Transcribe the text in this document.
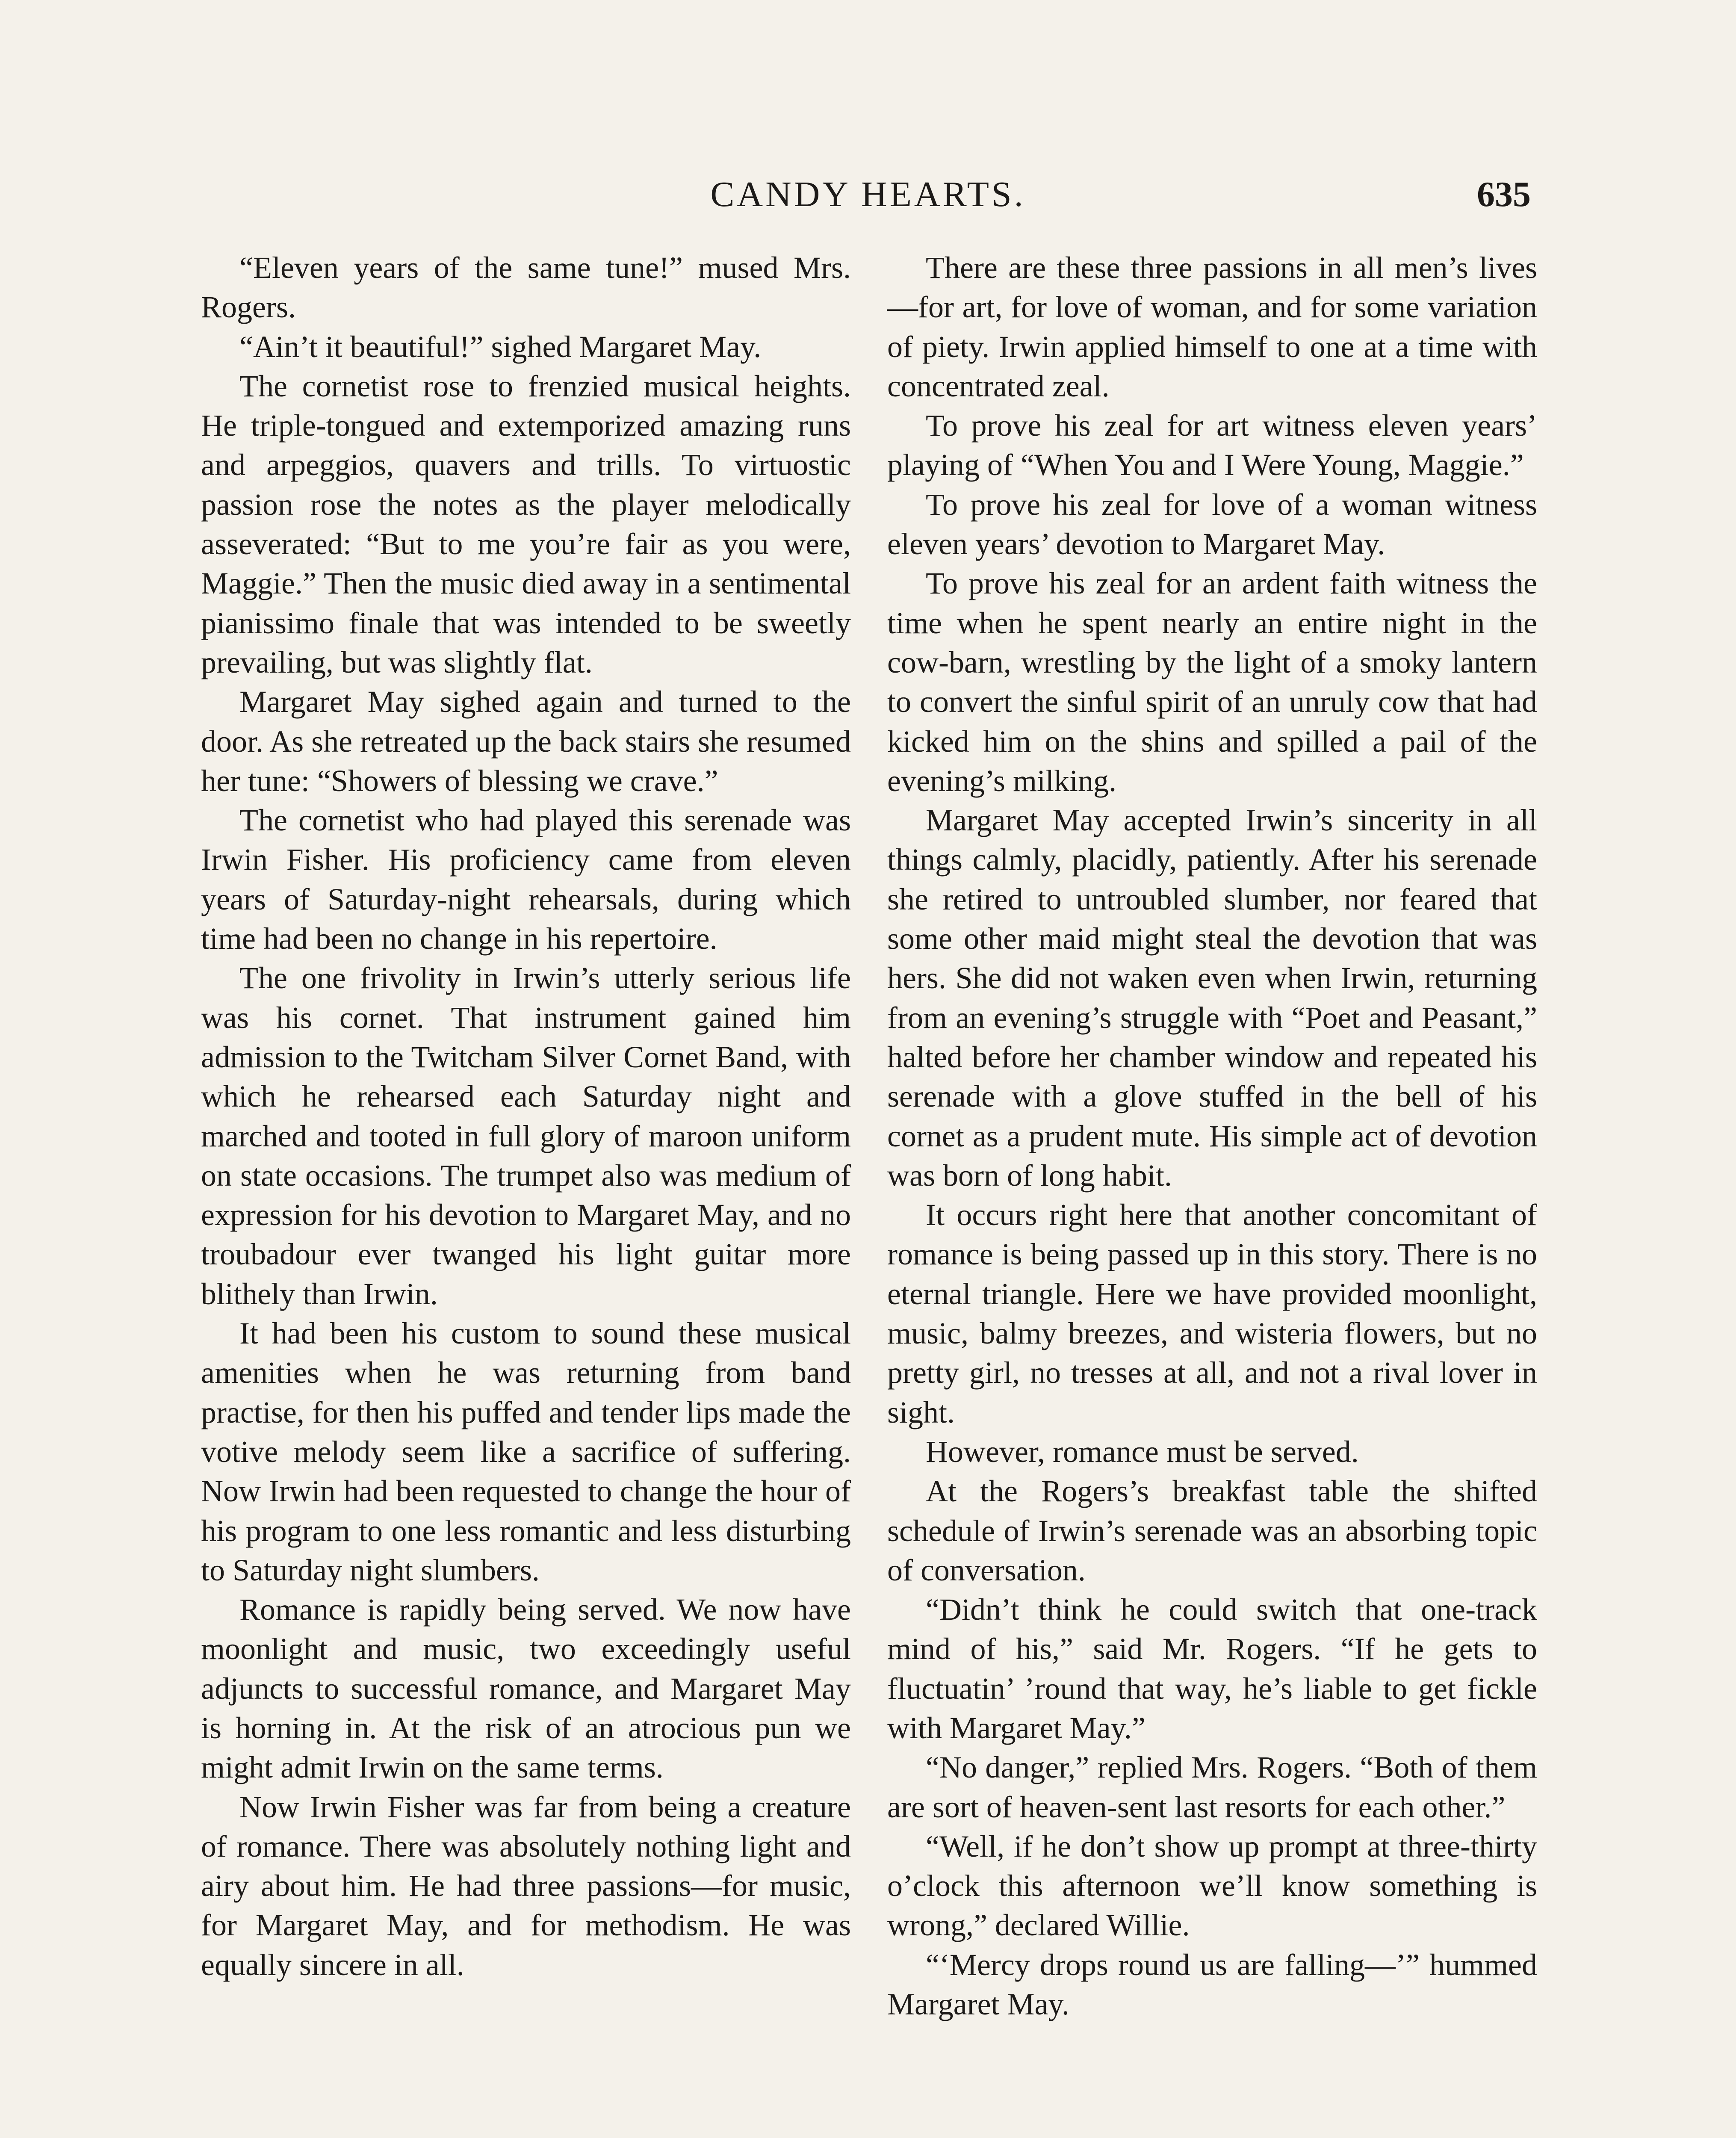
CANDY HEARTS.	635

“Eleven years of the same tune!” mused Mrs. Rogers.

“Ain’t it beautiful!” sighed Margaret May.

The cornetist rose to frenzied musical heights. He triple-tongued and extemporized amazing runs and arpeggios, quavers and trills. To virtuostic passion rose the notes as the player melodically asseverated: “But to me you’re fair as you were, Maggie.” Then the music died away in a sentimental pianissimo finale that was intended to be sweetly prevailing, but was slightly flat.

Margaret May sighed again and turned to the door. As she retreated up the back stairs she resumed her tune: “Showers of blessing we crave.”

The cornetist who had played this serenade was Irwin Fisher. His proficiency came from eleven years of Saturday-night rehearsals, during which time had been no change in his repertoire.

The one frivolity in Irwin’s utterly serious life was his cornet. That instrument gained him admission to the Twitcham Silver Cornet Band, with which he rehearsed each Saturday night and marched and tooted in full glory of maroon uniform on state occasions. The trumpet also was medium of expression for his devotion to Margaret May, and no troubadour ever twanged his light guitar more blithely than Irwin.

It had been his custom to sound these musical amenities when he was returning from band practise, for then his puffed and tender lips made the votive melody seem like a sacrifice of suffering. Now Irwin had been requested to change the hour of his program to one less romantic and less disturbing to Saturday night slumbers.

Romance is rapidly being served. We now have moonlight and music, two exceedingly useful adjuncts to successful romance, and Margaret May is horning in. At the risk of an atrocious pun we might admit Irwin on the same terms.

Now Irwin Fisher was far from being a creature of romance. There was absolutely nothing light and airy about him. He had three passions—for music, for Margaret May, and for methodism. He was equally sincere in all.

There are these three passions in all men’s lives—for art, for love of woman, and for some variation of piety. Irwin applied himself to one at a time with concentrated zeal.

To prove his zeal for art witness eleven years’ playing of “When You and I Were Young, Maggie.”

To prove his zeal for love of a woman witness eleven years’ devotion to Margaret May.

To prove his zeal for an ardent faith witness the time when he spent nearly an entire night in the cow-barn, wrestling by the light of a smoky lantern to convert the sinful spirit of an unruly cow that had kicked him on the shins and spilled a pail of the evening’s milking.

Margaret May accepted Irwin’s sincerity in all things calmly, placidly, patiently. After his serenade she retired to untroubled slumber, nor feared that some other maid might steal the devotion that was hers. She did not waken even when Irwin, returning from an evening’s struggle with “Poet and Peasant,” halted before her chamber window and repeated his serenade with a glove stuffed in the bell of his cornet as a prudent mute. His simple act of devotion was born of long habit.

It occurs right here that another concomitant of romance is being passed up in this story. There is no eternal triangle. Here we have provided moonlight, music, balmy breezes, and wisteria flowers, but no pretty girl, no tresses at all, and not a rival lover in sight.

However, romance must be served.

At the Rogers’s breakfast table the shifted schedule of Irwin’s serenade was an absorbing topic of conversation.

“Didn’t think he could switch that one-track mind of his,” said Mr. Rogers. “If he gets to fluctuatin’ ’round that way, he’s liable to get fickle with Margaret May.”

“No danger,” replied Mrs. Rogers. “Both of them are sort of heaven-sent last resorts for each other.”

“Well, if he don’t show up prompt at three-thirty o’clock this afternoon we’ll know something is wrong,” declared Willie.

“‘Mercy drops round us are falling—’” hummed Margaret May.
